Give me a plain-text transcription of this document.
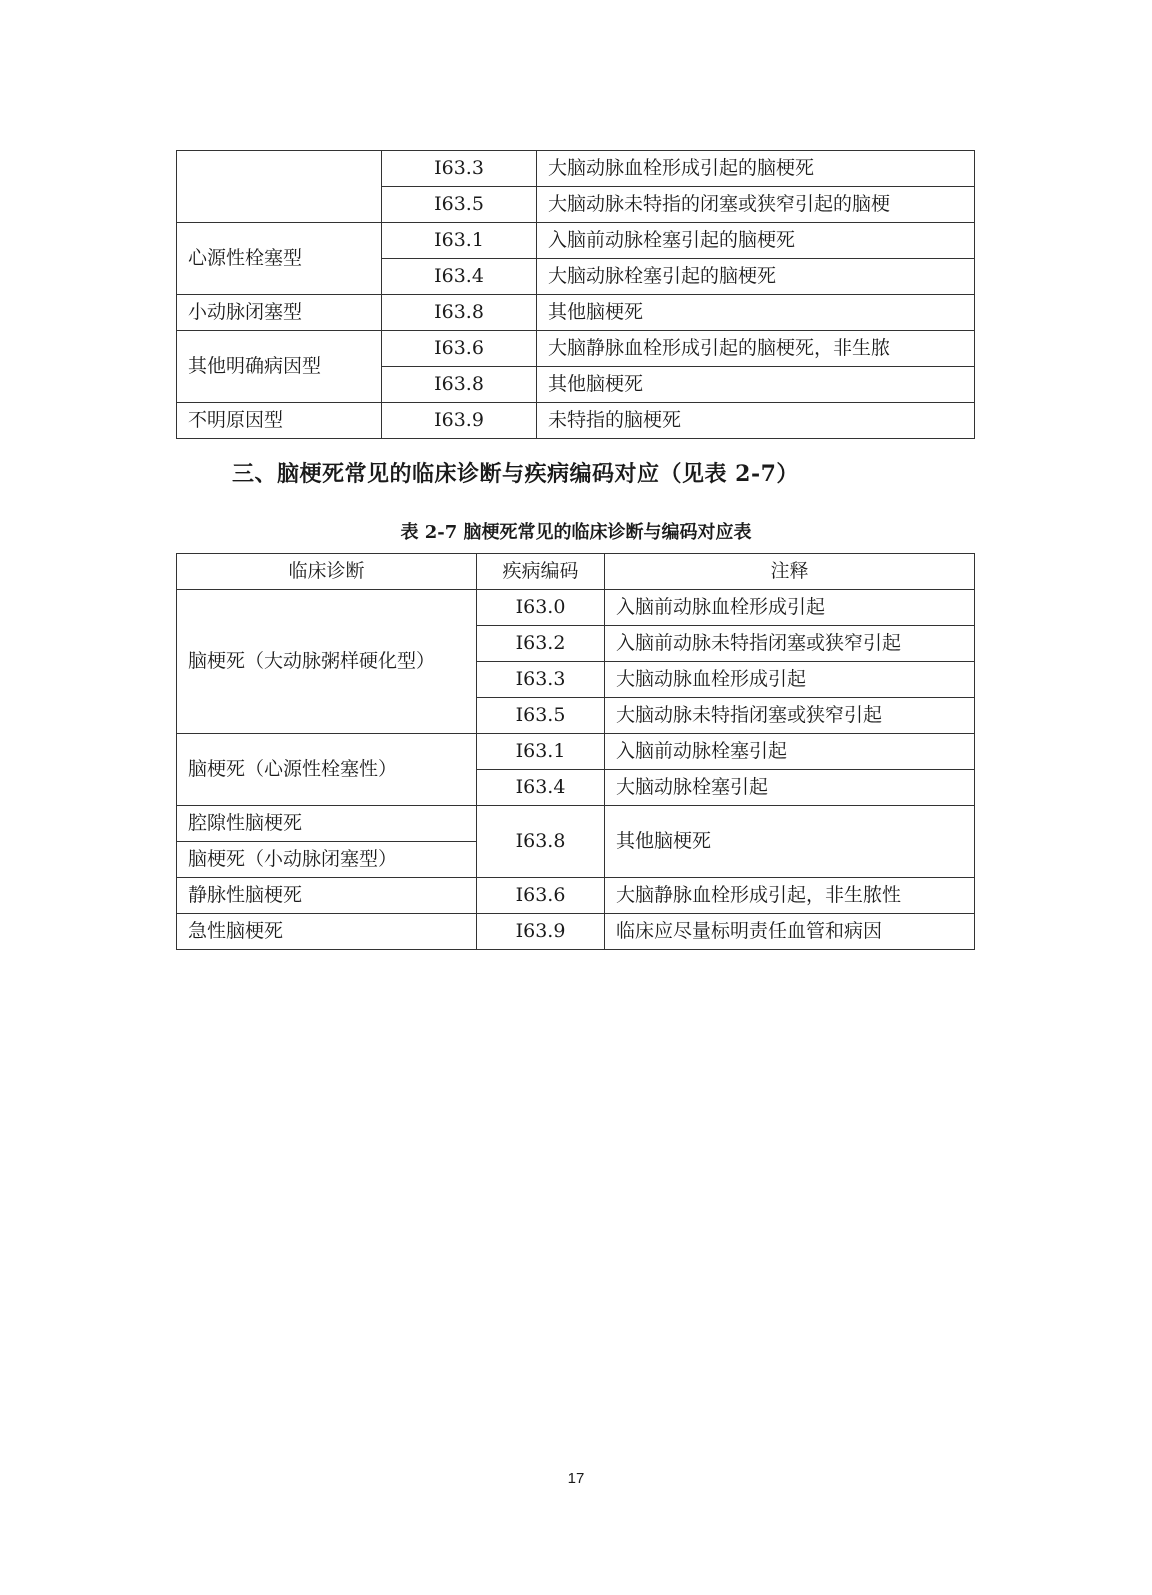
	I63.3	大脑动脉血栓形成引起的脑梗死
	I63.5	大脑动脉未特指的闭塞或狭窄引起的脑梗
心源性栓塞型	I63.1	入脑前动脉栓塞引起的脑梗死
	I63.4	大脑动脉栓塞引起的脑梗死
小动脉闭塞型	I63.8	其他脑梗死
其他明确病因型	I63.6	大脑静脉血栓形成引起的脑梗死，非生脓
	I63.8	其他脑梗死
不明原因型	I63.9	未特指的脑梗死
三、脑梗死常见的临床诊断与疾病编码对应（见表 2-7）
表 2-7 脑梗死常见的临床诊断与编码对应表
临床诊断	疾病编码	注释
脑梗死（大动脉粥样硬化型）	I63.0	入脑前动脉血栓形成引起
	I63.2	入脑前动脉未特指闭塞或狭窄引起
	I63.3	大脑动脉血栓形成引起
	I63.5	大脑动脉未特指闭塞或狭窄引起
脑梗死（心源性栓塞性）	I63.1	入脑前动脉栓塞引起
	I63.4	大脑动脉栓塞引起
腔隙性脑梗死	I63.8	其他脑梗死
脑梗死（小动脉闭塞型）		
静脉性脑梗死	I63.6	大脑静脉血栓形成引起，非生脓性
急性脑梗死	I63.9	临床应尽量标明责任血管和病因
17
